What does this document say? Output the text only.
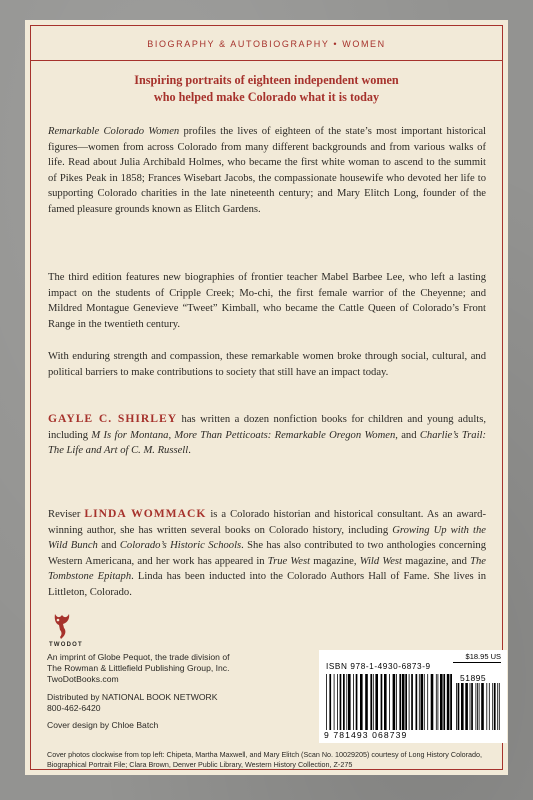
BIOGRAPHY & AUTOBIOGRAPHY • WOMEN
Inspiring portraits of eighteen independent women
who helped make Colorado what it is today

Remarkable Colorado Women profiles the lives of eighteen of the state’s most important historical figures—women from across Colorado from many different backgrounds and from various walks of life. Read about Julia Archibald Holmes, who became the first white woman to ascend to the summit of Pikes Peak in 1858; Frances Wisebart Jacobs, the compassionate housewife who devoted her life to supporting Colorado charities in the late nineteenth century; and Mary Elitch Long, founder of the famed pleasure grounds known as Elitch Gardens.

The third edition features new biographies of frontier teacher Mabel Barbee Lee, who left a lasting impact on the students of Cripple Creek; Mo-chi, the first female warrior of the Cheyenne; and Mildred Montague Genevieve “Tweet” Kimball, who became the Cattle Queen of Colorado’s Front Range in the twentieth century.

With enduring strength and compassion, these remarkable women broke through social, cultural, and political barriers to make contributions to society that still have an impact today.

GAYLE C. SHIRLEY has written a dozen nonfiction books for children and young adults, including M Is for Montana, More Than Petticoats: Remarkable Oregon Women, and Charlie’s Trail: The Life and Art of C. M. Russell.

Reviser LINDA WOMMACK is a Colorado historian and historical consultant. As an award-winning author, she has written several books on Colorado history, including Growing Up with the Wild Bunch and Colorado’s Historic Schools. She has also contributed to two anthologies concerning Western Americana, and her work has appeared in True West magazine, Wild West magazine, and The Tombstone Epitaph. Linda has been inducted into the Colorado Authors Hall of Fame. She lives in Littleton, Colorado.

TWODOT
An imprint of Globe Pequot, the trade division of
The Rowman & Littlefield Publishing Group, Inc.
TwoDotBooks.com
Distributed by NATIONAL BOOK NETWORK
800-462-6420
Cover design by Chloe Batch
$18.95 US
ISBN 978-1-4930-6873-9
51895
9 781493 068739

Cover photos clockwise from top left: Chipeta, Martha Maxwell, and Mary Elitch (Scan No. 10029205) courtesy of Long History Colorado, Biographical Portrait File; Clara Brown, Denver Public Library, Western History Collection, Z-275
